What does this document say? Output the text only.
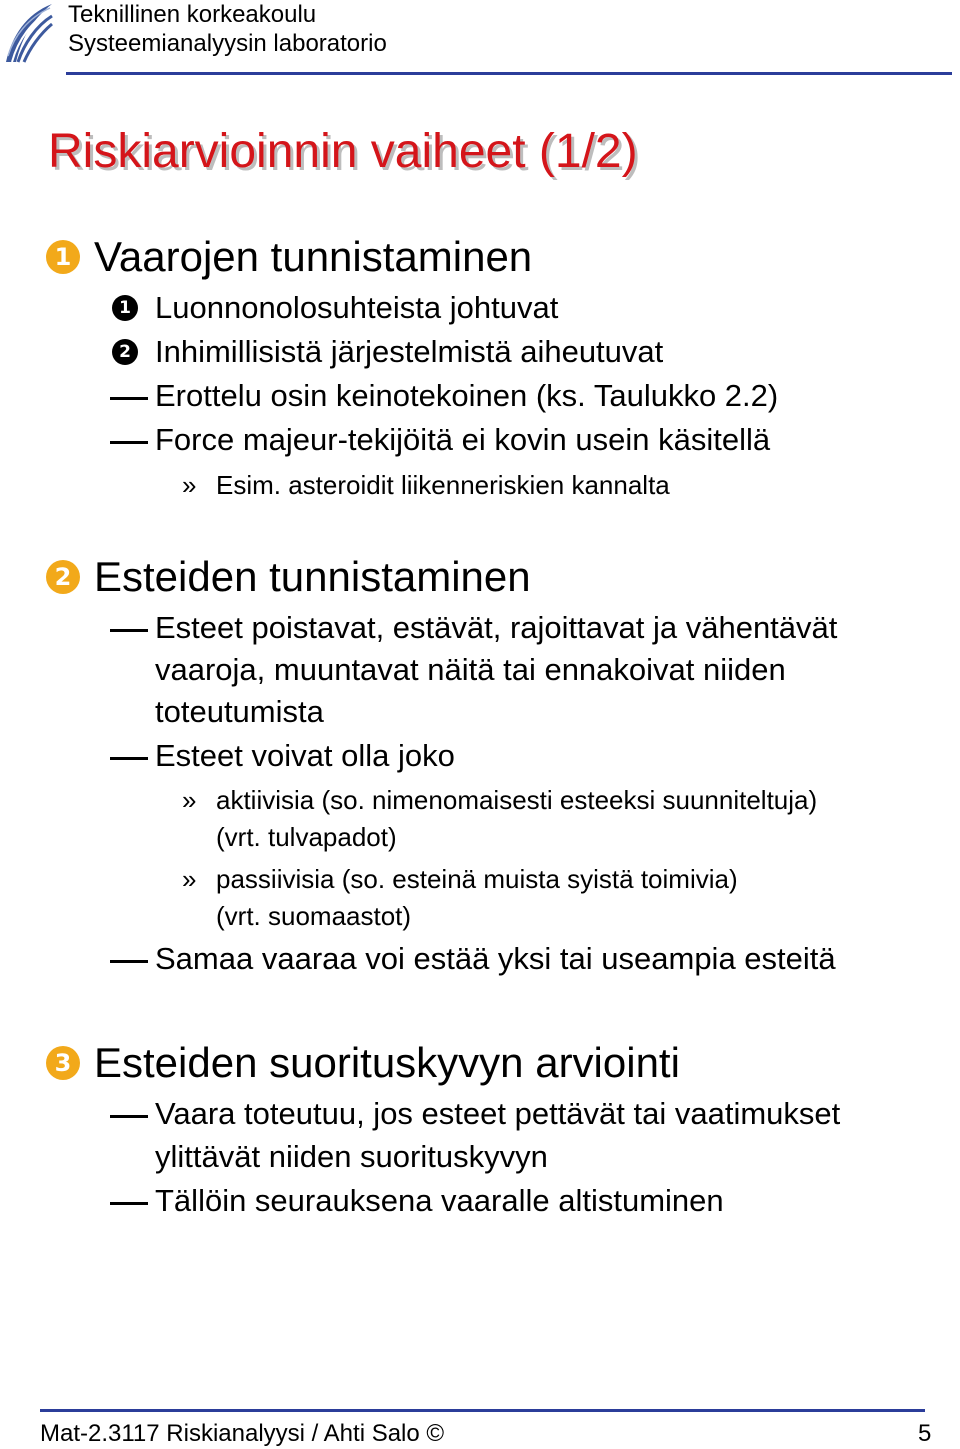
Teknillinen korkeakoulu
Systeemianalyysin laboratorio
Riskiarvioinnin vaiheet (1/2)
1 Vaarojen tunnistaminen
1 Luonnonolosuhteista johtuvat
2 Inhimillisistä järjestelmistä aiheutuvat
Erottelu osin keinotekoinen (ks. Taulukko 2.2)
Force majeur-tekijöitä ei kovin usein käsitellä
» Esim. asteroidit liikenneriskien kannalta
2 Esteiden tunnistaminen
Esteet poistavat, estävät, rajoittavat ja vähentävät
vaaroja, muuntavat näitä tai ennakoivat niiden
toteutumista
Esteet voivat olla joko
» aktiivisia (so. nimenomaisesti esteeksi suunniteltuja)
(vrt. tulvapadot)
» passiivisia (so. esteinä muista syistä toimivia)
(vrt. suomaastot)
Samaa vaaraa voi estää yksi tai useampia esteitä
3 Esteiden suorituskyvyn arviointi
Vaara toteutuu, jos esteet pettävät tai vaatimukset
ylittävät niiden suorituskyvyn
Tällöin seurauksena vaaralle altistuminen
Mat-2.3117 Riskianalyysi / Ahti Salo ©	5
